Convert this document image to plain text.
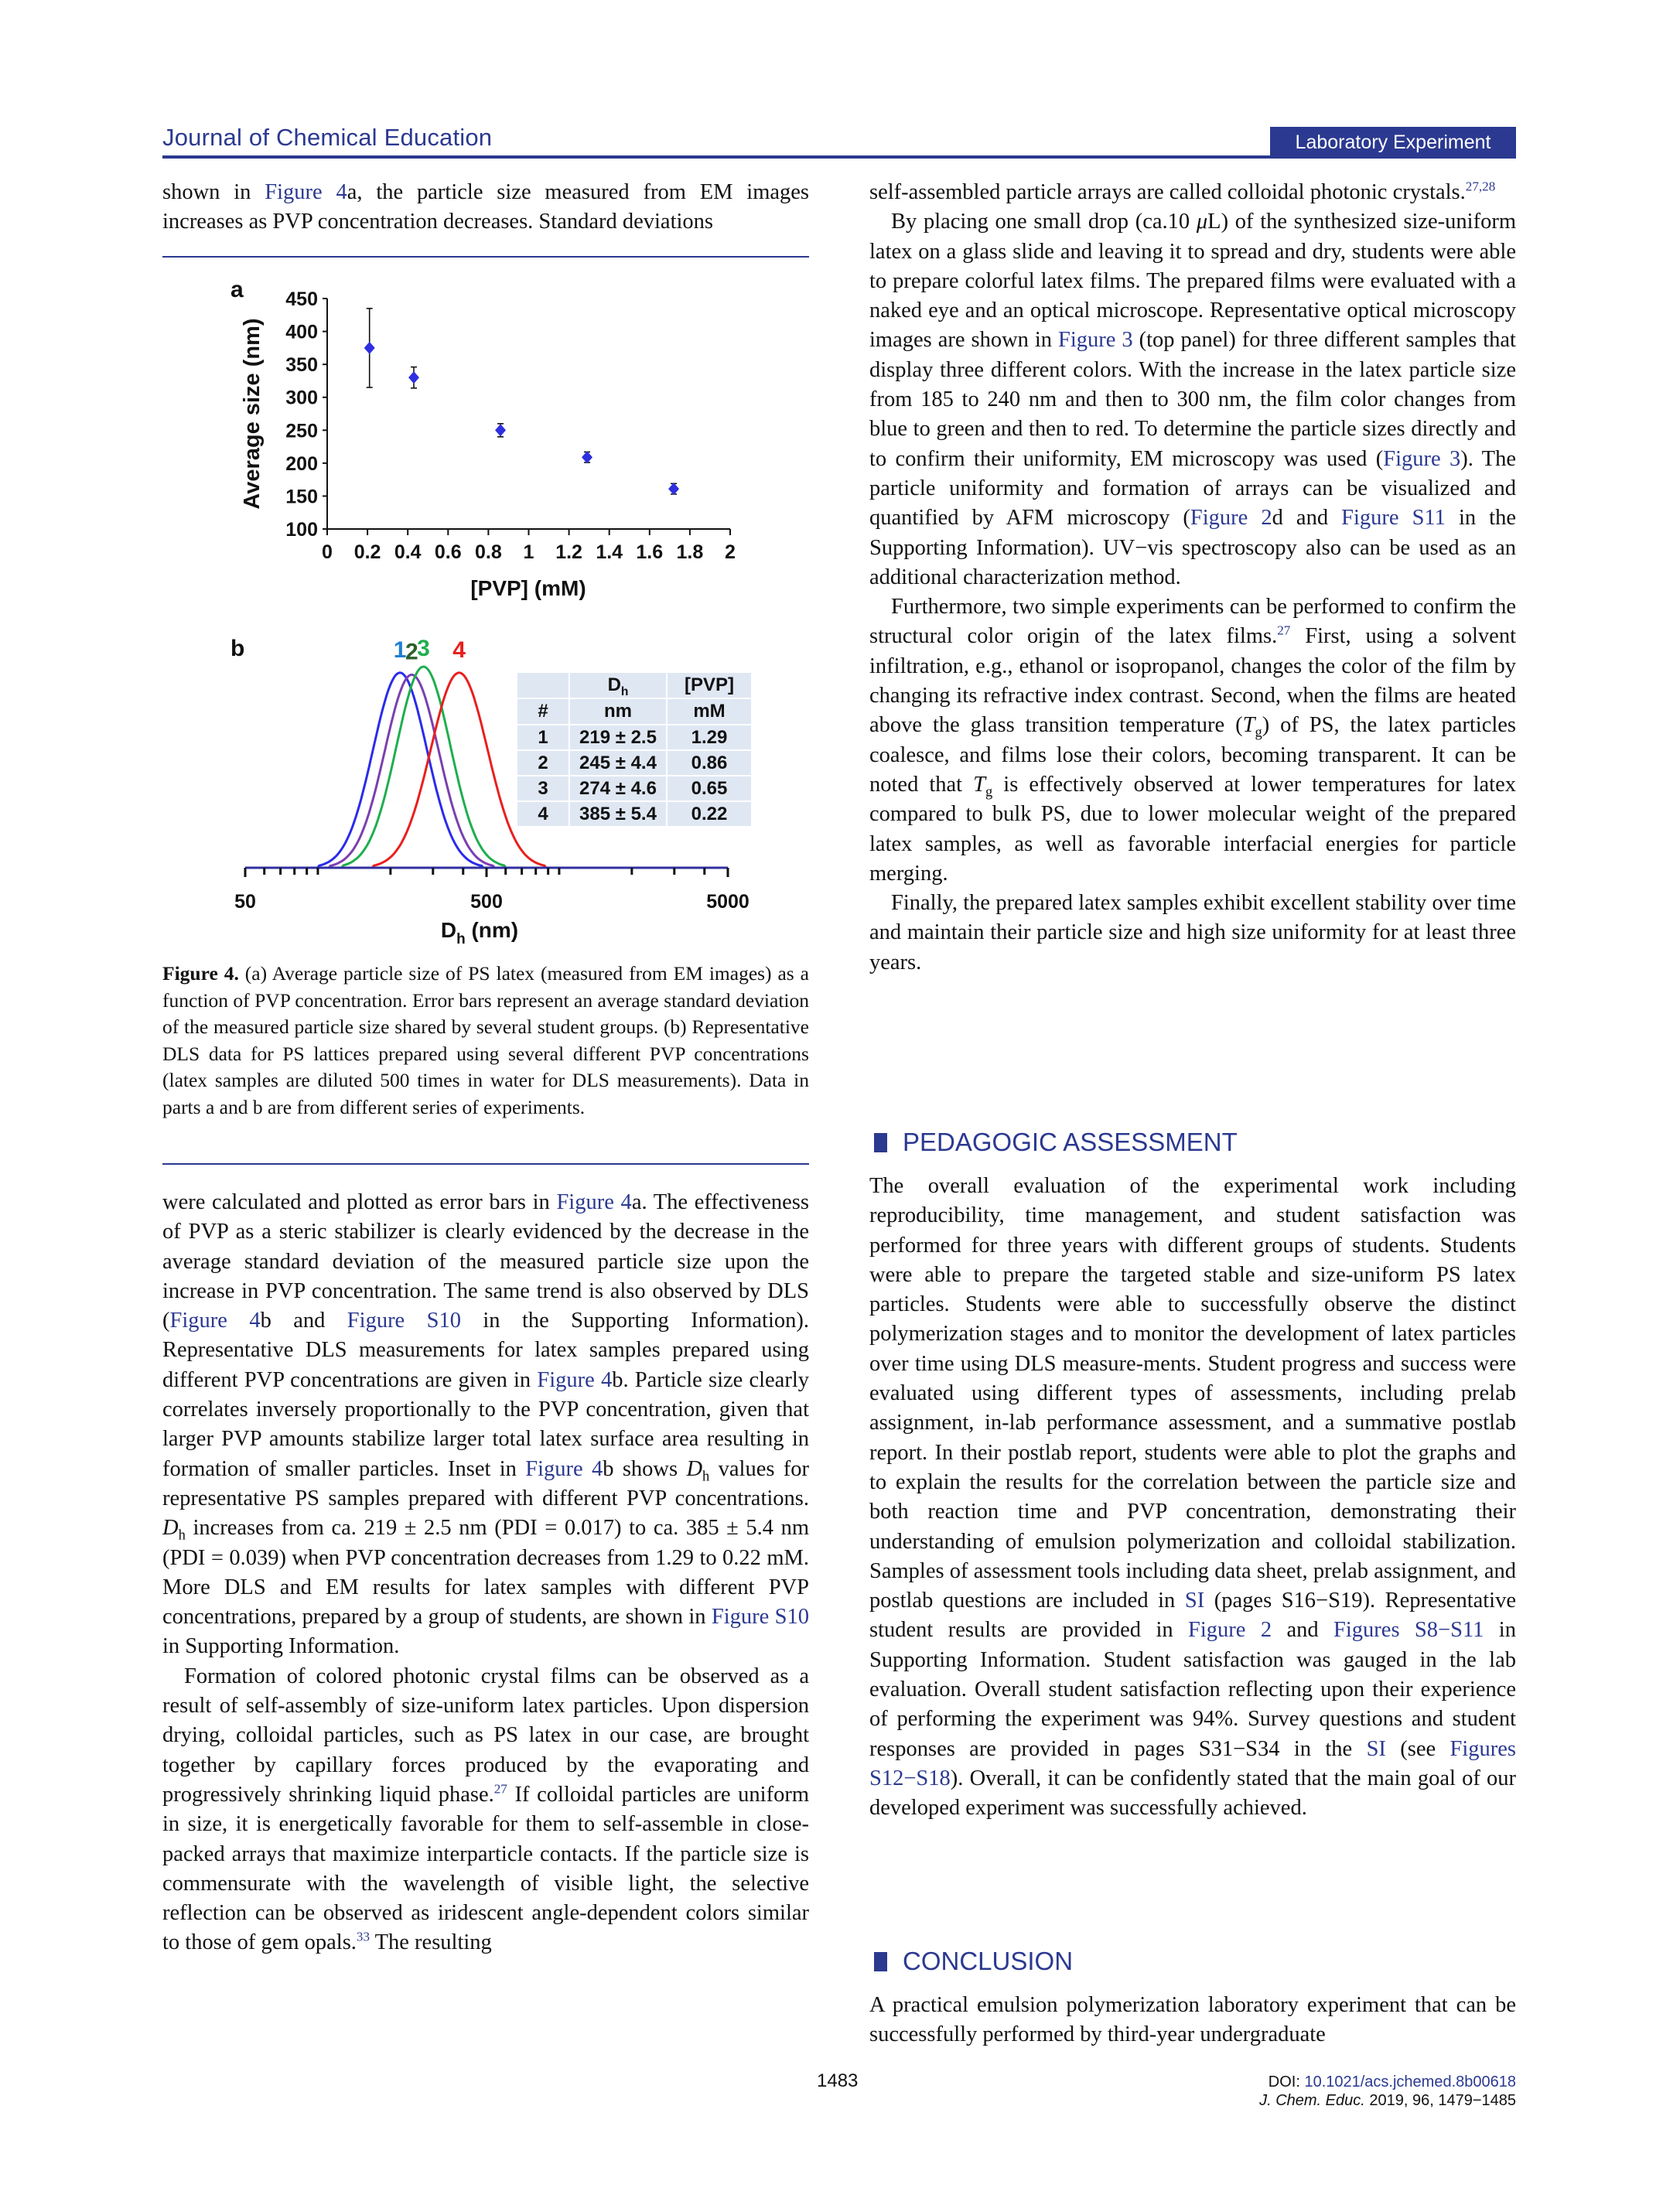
Journal of Chemical Education	Laboratory Experiment

shown in Figure 4a, the particle size measured from EM images increases as PVP concentration decreases. Standard deviations

a
Average size (nm)
[PVP] (mM)
100
150
200
250
300
350
400
450
0 0.2 0.4 0.6 0.8 1 1.2 1.4 1.6 1.8 2
b
50	500	5000
1
2
3 4
$D_h$ (nm)
	$D_h$	[PVP]
#	nm	mM
1	219 ± 2.5	1.29
2	245 ± 4.4	0.86
3	274 ± 4.6	0.65
4	385 ± 5.4	0.22
Figure 4. (a) Average particle size of PS latex (measured from EM images) as a function of PVP concentration. Error bars represent an average standard deviation of the measured particle size shared by several student groups. (b) Representative DLS data for PS lattices prepared using several different PVP concentrations (latex samples are diluted 500 times in water for DLS measurements). Data in parts a and b are from different series of experiments.

were calculated and plotted as error bars in Figure 4a. The effectiveness of PVP as a steric stabilizer is clearly evidenced by the decrease in the average standard deviation of the measured particle size upon the increase in PVP concentration. The same trend is also observed by DLS (Figure 4b and Figure S10 in the Supporting Information). Representative DLS measurements for latex samples prepared using different PVP concentrations are given in Figure 4b. Particle size clearly correlates inversely proportionally to the PVP concentration, given that larger PVP amounts stabilize larger total latex surface area resulting in formation of smaller particles. Inset in Figure 4b shows $D_h$ values for representative PS samples prepared with different PVP concentrations. $D_h$ increases from ca. 219 ± 2.5 nm (PDI = 0.017) to ca. 385 ± 5.4 nm (PDI = 0.039) when PVP concentration decreases from 1.29 to 0.22 mM. More DLS and EM results for latex samples with different PVP concentrations, prepared by a group of students, are shown in Figure S10 in Supporting Information.

Formation of colored photonic crystal films can be observed as a result of self-assembly of size-uniform latex particles. Upon dispersion drying, colloidal particles, such as PS latex in our case, are brought together by capillary forces produced by the evaporating and progressively shrinking liquid phase.$^{27}$ If colloidal particles are uniform in size, it is energetically favorable for them to self-assemble in close-packed arrays that maximize interparticle contacts. If the particle size is commensurate with the wavelength of visible light, the selective reflection can be observed as iridescent angle-dependent colors similar to those of gem opals.$^{33}$ The resulting

self-assembled particle arrays are called colloidal photonic crystals.$^{27,28}$

By placing one small drop (ca.10 μL) of the synthesized size-uniform latex on a glass slide and leaving it to spread and dry, students were able to prepare colorful latex films. The prepared films were evaluated with a naked eye and an optical microscope. Representative optical microscopy images are shown in Figure 3 (top panel) for three different samples that display three different colors. With the increase in the latex particle size from 185 to 240 nm and then to 300 nm, the film color changes from blue to green and then to red. To determine the particle sizes directly and to confirm their uniformity, EM microscopy was used (Figure 3). The particle uniformity and formation of arrays can be visualized and quantified by AFM microscopy (Figure 2d and Figure S11 in the Supporting Information). UV−vis spectroscopy also can be used as an additional characterization method.

Furthermore, two simple experiments can be performed to confirm the structural color origin of the latex films.$^{27}$ First, using a solvent infiltration, e.g., ethanol or isopropanol, changes the color of the film by changing its refractive index contrast. Second, when the films are heated above the glass transition temperature $(T_g)$ of PS, the latex particles coalesce, and films lose their colors, becoming transparent. It can be noted that $T_g$ is effectively observed at lower temperatures for latex compared to bulk PS, due to lower molecular weight of the prepared latex samples, as well as favorable interfacial energies for particle merging.

Finally, the prepared latex samples exhibit excellent stability over time and maintain their particle size and high size uniformity for at least three years.

PEDAGOGIC ASSESSMENT

The overall evaluation of the experimental work including reproducibility, time management, and student satisfaction was performed for three years with different groups of students. Students were able to prepare the targeted stable and size-uniform PS latex particles. Students were able to successfully observe the distinct polymerization stages and to monitor the development of latex particles over time using DLS measure-ments. Student progress and success were evaluated using different types of assessments, including prelab assignment, in-lab performance assessment, and a summative postlab report. In their postlab report, students were able to plot the graphs and to explain the results for the correlation between the particle size and both reaction time and PVP concentration, demonstrating their understanding of emulsion polymerization and colloidal stabilization. Samples of assessment tools including data sheet, prelab assignment, and postlab questions are included in SI (pages S16−S19). Representative student results are provided in Figure 2 and Figures S8−S11 in Supporting Information. Student satisfaction was gauged in the lab evaluation. Overall student satisfaction reflecting upon their experience of performing the experiment was 94%. Survey questions and student responses are provided in pages S31−S34 in the SI (see Figures S12−S18). Overall, it can be confidently stated that the main goal of our developed experiment was successfully achieved.

CONCLUSION

A practical emulsion polymerization laboratory experiment that can be successfully performed by third-year undergraduate

1483	DOI: 10.1021/acs.jchemed.8b00618
J. Chem. Educ. 2019, 96, 1479−1485
